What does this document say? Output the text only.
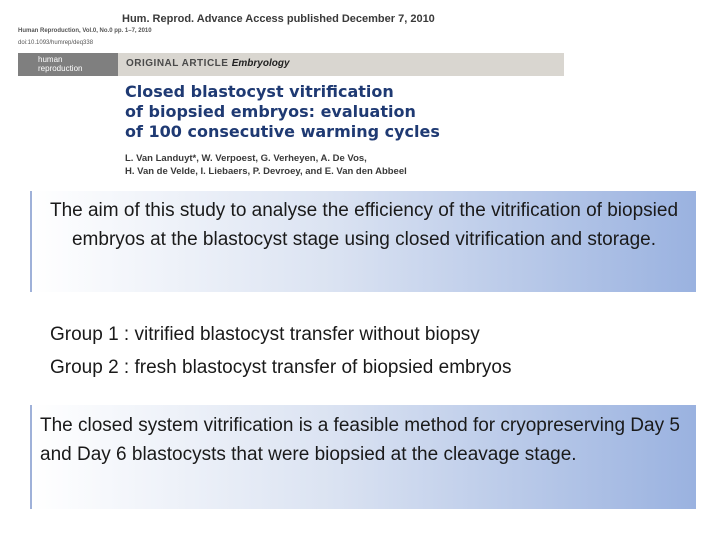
Hum. Reprod. Advance Access published December 7, 2010
Human Reproduction, Vol.0, No.0 pp. 1–7, 2010
doi:10.1093/humrep/deq338
human
reproduction	ORIGINAL ARTICLE Embryology
Closed blastocyst vitrification
of biopsied embryos: evaluation
of 100 consecutive warming cycles
L. Van Landuyt*, W. Verpoest, G. Verheyen, A. De Vos,
H. Van de Velde, I. Liebaers, P. Devroey, and E. Van den Abbeel
The aim of this study to analyse the efficiency of the vitrification of biopsied embryos at the blastocyst stage using closed vitrification and storage.
Group 1 : vitrified blastocyst transfer without biopsy
Group 2 : fresh blastocyst transfer of biopsied embryos
The closed system vitrification is a feasible method for cryopreserving Day 5 and Day 6 blastocysts that were biopsied at the cleavage stage.
